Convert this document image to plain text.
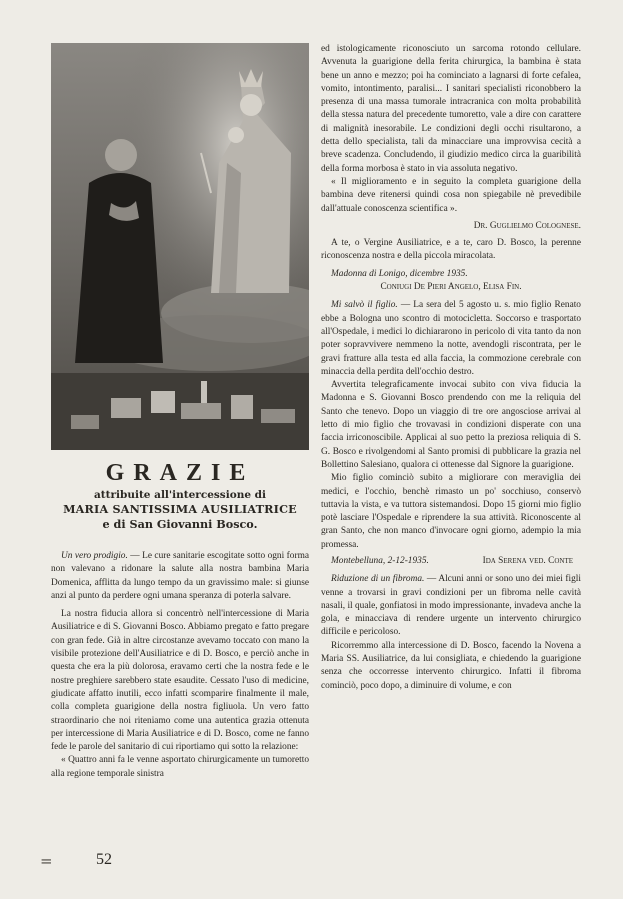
GRAZIE
attribuite all'intercessione di
MARIA SANTISSIMA AUSILIATRICE
e di San Giovanni Bosco.

Un vero prodigio. — Le cure sanitarie escogitate sotto ogni forma non valevano a ridonare la salute alla nostra bambina Maria Domenica, afflitta da lungo tempo da un gravissimo male: si giunse anzi al punto da perdere ogni umana speranza di poterla salvare.

La nostra fiducia allora si concentrò nell'intercessione di Maria Ausiliatrice e di S. Giovanni Bosco. Abbiamo pregato e fatto pregare con gran fede. Già in altre circostanze avevamo toccato con mano la visibile protezione dell'Ausiliatrice e di D. Bosco, e perciò anche in questa che era la più dolorosa, eravamo certi che la nostra fede e le nostre preghiere sarebbero state esaudite. Cessato l'uso di medicine, giudicate affatto inutili, ecco infatti scomparire finalmente il male, colla completa guarigione della nostra figliuola. Un vero fatto straordinario che noi riteniamo come una autentica grazia ottenuta per intercessione di Maria Ausiliatrice e di D. Bosco, come ne fanno fede le parole del sanitario di cui riportiamo qui sotto la relazione:

« Quattro anni fa le venne asportato chirurgicamente un tumoretto alla regione temporale sinistra

ed istologicamente riconosciuto un sarcoma rotondo cellulare. Avvenuta la guarigione della ferita chirurgica, la bambina è stata bene un anno e mezzo; poi ha cominciato a lagnarsi di forte cefalea, vomito, intontimento, paralisi... I sanitari specialisti riconobbero la presenza di una massa tumorale intracranica con molta probabilità della stessa natura del precedente tumoretto, vale a dire con carattere di malignità inesorabile. Le condizioni degli occhi risultarono, a detta dello specialista, tali da minacciare una improvvisa cecità a breve scadenza. Concludendo, il giudizio medico circa la guaribilità della forma morbosa è stato in via assoluta negativo.

« Il miglioramento e in seguito la completa guarigione della bambina deve ritenersi quindi cosa non spiegabile nè prevedibile dall'attuale conoscenza scientifica ».

Dr. Guglielmo Colognese.

A te, o Vergine Ausiliatrice, e a te, caro D. Bosco, la perenne riconoscenza nostra e della piccola miracolata.

Madonna di Lonigo, dicembre 1935.

Coniugi De Pieri Angelo, Elisa Fin.

Mi salvò il figlio. — La sera del 5 agosto u. s. mio figlio Renato ebbe a Bologna uno scontro di motocicletta. Soccorso e trasportato all'Ospedale, i medici lo dichiararono in pericolo di vita tanto da non poter sopravvivere nemmeno la notte, avendogli riscontrata, per le gravi fratture alla testa ed alla faccia, la commozione cerebrale con minaccia della perdita dell'occhio destro.

Avvertita telegraficamente invocai subito con viva fiducia la Madonna e S. Giovanni Bosco prendendo con me la reliquia del Santo che tenevo. Dopo un viaggio di tre ore angosciose arrivai al letto di mio figlio che trovavasi in condizioni disperate con una faccia irriconoscibile. Applicai al suo petto la preziosa reliquia di S. G. Bosco e rivolgendomi al Santo promisi di pubblicare la grazia nel Bollettino Salesiano, qualora ci ottenesse dal Signore la guarigione.

Mio figlio cominciò subito a migliorare con meraviglia dei medici, e l'occhio, benchè rimasto un po' socchiuso, conservò tuttavia la vista, e va tuttora sistemandosi. Dopo 15 giorni mio figlio potè lasciare l'Ospedale e riprendere la sua attività. Riconoscente al gran Santo, che non manco d'invocare ogni giorno, adempio la mia promessa.

Montebelluna, 2-12-1935.	Ida Serena ved. Conte

Riduzione di un fibroma. — Alcuni anni or sono uno dei miei figli venne a trovarsi in gravi condizioni per un fibroma nelle cavità nasali, il quale, gonfiatosi in modo impressionante, invadeva anche la gola, e minacciava di rendere urgente un intervento chirurgico difficile e pericoloso.

Ricorremmo alla intercessione di D. Bosco, facendo la Novena a Maria SS. Ausiliatrice, da lui consigliata, e chiedendo la guarigione senza che occorresse intervento chirurgico. Infatti il fibroma cominciò, poco dopo, a diminuire di volume, e con

=	52
